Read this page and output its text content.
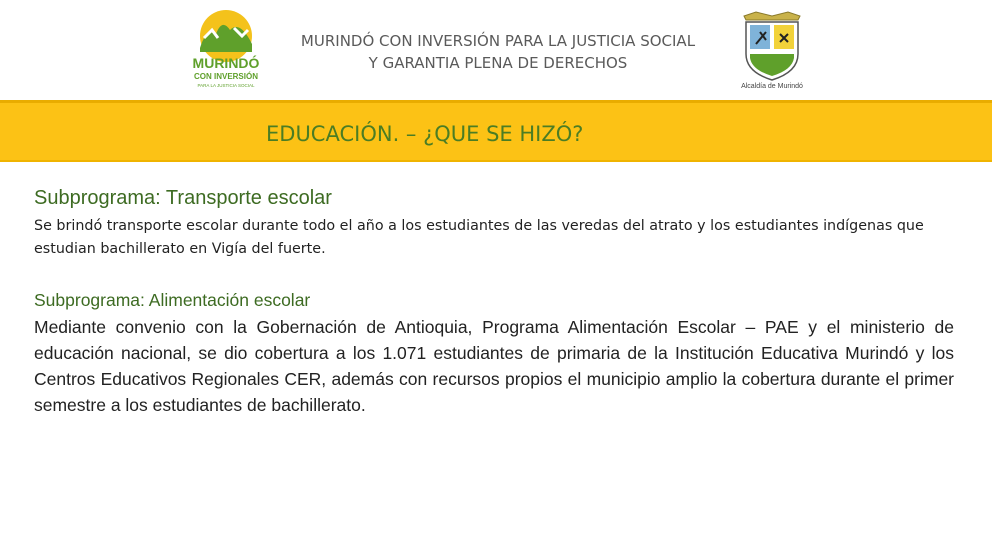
MURINDÓ
CON INVERSIÓN
PARA LA JUSTICIA SOCIAL
MURINDÓ CON INVERSIÓN PARA LA JUSTICIA SOCIAL
Y GARANTIA PLENA DE DERECHOS
Alcaldía de Murindó
EDUCACIÓN. – ¿QUE SE HIZÓ?
Subprograma: Transporte escolar
Se brindó transporte escolar durante todo el año a los estudiantes de las veredas del atrato y los estudiantes indígenas que estudian bachillerato en Vigía del fuerte.
Subprograma: Alimentación escolar
Mediante convenio con la Gobernación de Antioquia, Programa Alimentación Escolar – PAE y el ministerio de educación nacional, se dio cobertura a los 1.071 estudiantes de primaria de la Institución Educativa Murindó y los Centros Educativos Regionales CER, además con recursos propios el municipio amplio la cobertura durante el primer semestre a los estudiantes de bachillerato.
